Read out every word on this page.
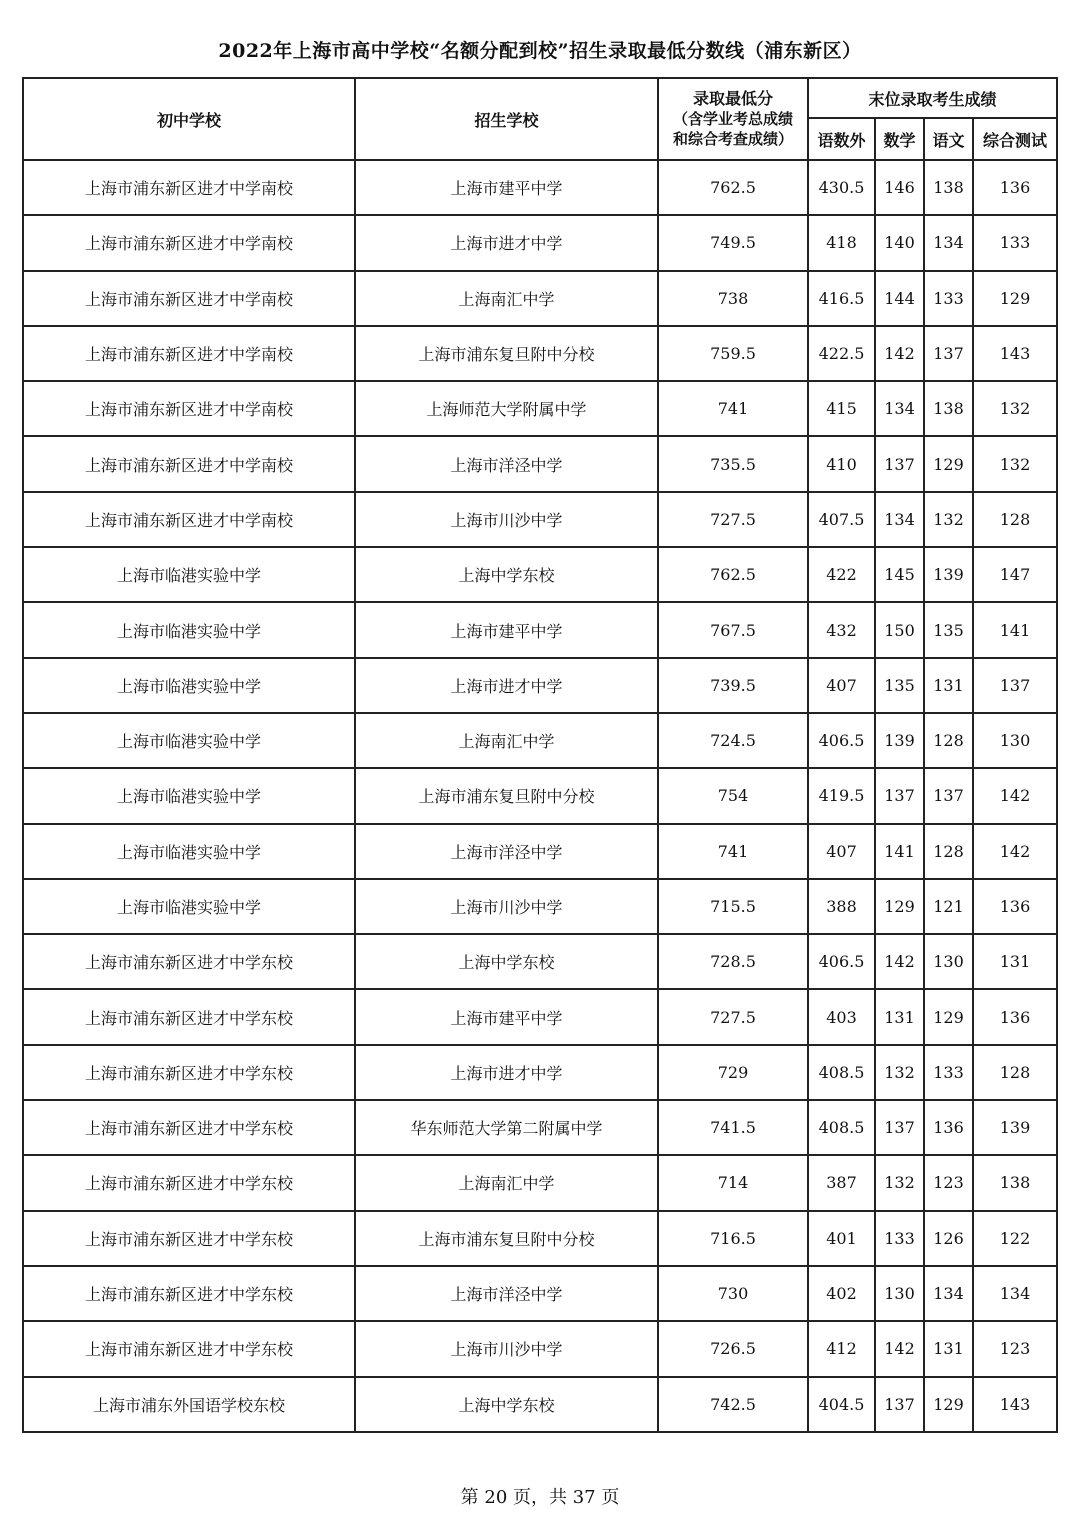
2022年上海市高中学校“名额分配到校”招生录取最低分数线（浦东新区）
初中学校	招生学校	录取最低分
（含学业考总成绩
和综合考查成绩）	末位录取考生成绩			
			语数外	数学	语文	综合测试
上海市浦东新区进才中学南校	上海市建平中学	762.5	430.5	146	138	136
上海市浦东新区进才中学南校	上海市进才中学	749.5	418	140	134	133
上海市浦东新区进才中学南校	上海南汇中学	738	416.5	144	133	129
上海市浦东新区进才中学南校	上海市浦东复旦附中分校	759.5	422.5	142	137	143
上海市浦东新区进才中学南校	上海师范大学附属中学	741	415	134	138	132
上海市浦东新区进才中学南校	上海市洋泾中学	735.5	410	137	129	132
上海市浦东新区进才中学南校	上海市川沙中学	727.5	407.5	134	132	128
上海市临港实验中学	上海中学东校	762.5	422	145	139	147
上海市临港实验中学	上海市建平中学	767.5	432	150	135	141
上海市临港实验中学	上海市进才中学	739.5	407	135	131	137
上海市临港实验中学	上海南汇中学	724.5	406.5	139	128	130
上海市临港实验中学	上海市浦东复旦附中分校	754	419.5	137	137	142
上海市临港实验中学	上海市洋泾中学	741	407	141	128	142
上海市临港实验中学	上海市川沙中学	715.5	388	129	121	136
上海市浦东新区进才中学东校	上海中学东校	728.5	406.5	142	130	131
上海市浦东新区进才中学东校	上海市建平中学	727.5	403	131	129	136
上海市浦东新区进才中学东校	上海市进才中学	729	408.5	132	133	128
上海市浦东新区进才中学东校	华东师范大学第二附属中学	741.5	408.5	137	136	139
上海市浦东新区进才中学东校	上海南汇中学	714	387	132	123	138
上海市浦东新区进才中学东校	上海市浦东复旦附中分校	716.5	401	133	126	122
上海市浦东新区进才中学东校	上海市洋泾中学	730	402	130	134	134
上海市浦东新区进才中学东校	上海市川沙中学	726.5	412	142	131	123
上海市浦东外国语学校东校	上海中学东校	742.5	404.5	137	129	143
第 20 页，共 37 页
